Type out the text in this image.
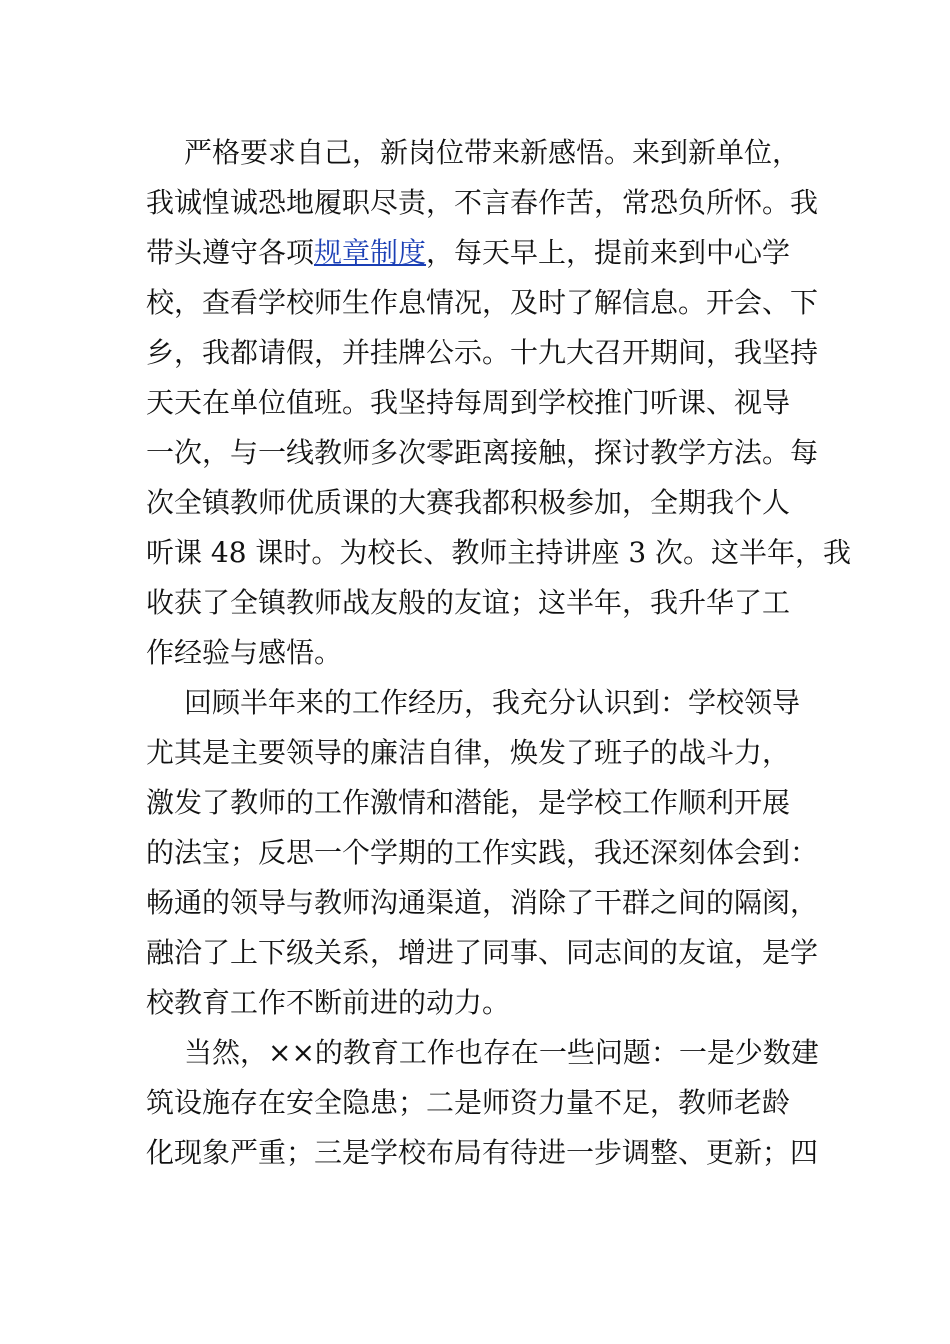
严格要求自己，新岗位带来新感悟。来到新单位，
我诚惶诚恐地履职尽责，不言春作苦，常恐负所怀。我
带头遵守各项规章制度，每天早上，提前来到中心学
校，查看学校师生作息情况，及时了解信息。开会、下
乡，我都请假，并挂牌公示。十九大召开期间，我坚持
天天在单位值班。我坚持每周到学校推门听课、视导
一次，与一线教师多次零距离接触，探讨教学方法。每
次全镇教师优质课的大赛我都积极参加，全期我个人
听课 48 课时。为校长、教师主持讲座 3 次。这半年，我
收获了全镇教师战友般的友谊；这半年，我升华了工
作经验与感悟。
回顾半年来的工作经历，我充分认识到：学校领导
尤其是主要领导的廉洁自律，焕发了班子的战斗力，
激发了教师的工作激情和潜能，是学校工作顺利开展
的法宝；反思一个学期的工作实践，我还深刻体会到：
畅通的领导与教师沟通渠道，消除了干群之间的隔阂，
融洽了上下级关系，增进了同事、同志间的友谊，是学
校教育工作不断前进的动力。
当然，××的教育工作也存在一些问题：一是少数建
筑设施存在安全隐患；二是师资力量不足，教师老龄
化现象严重；三是学校布局有待进一步调整、更新；四
